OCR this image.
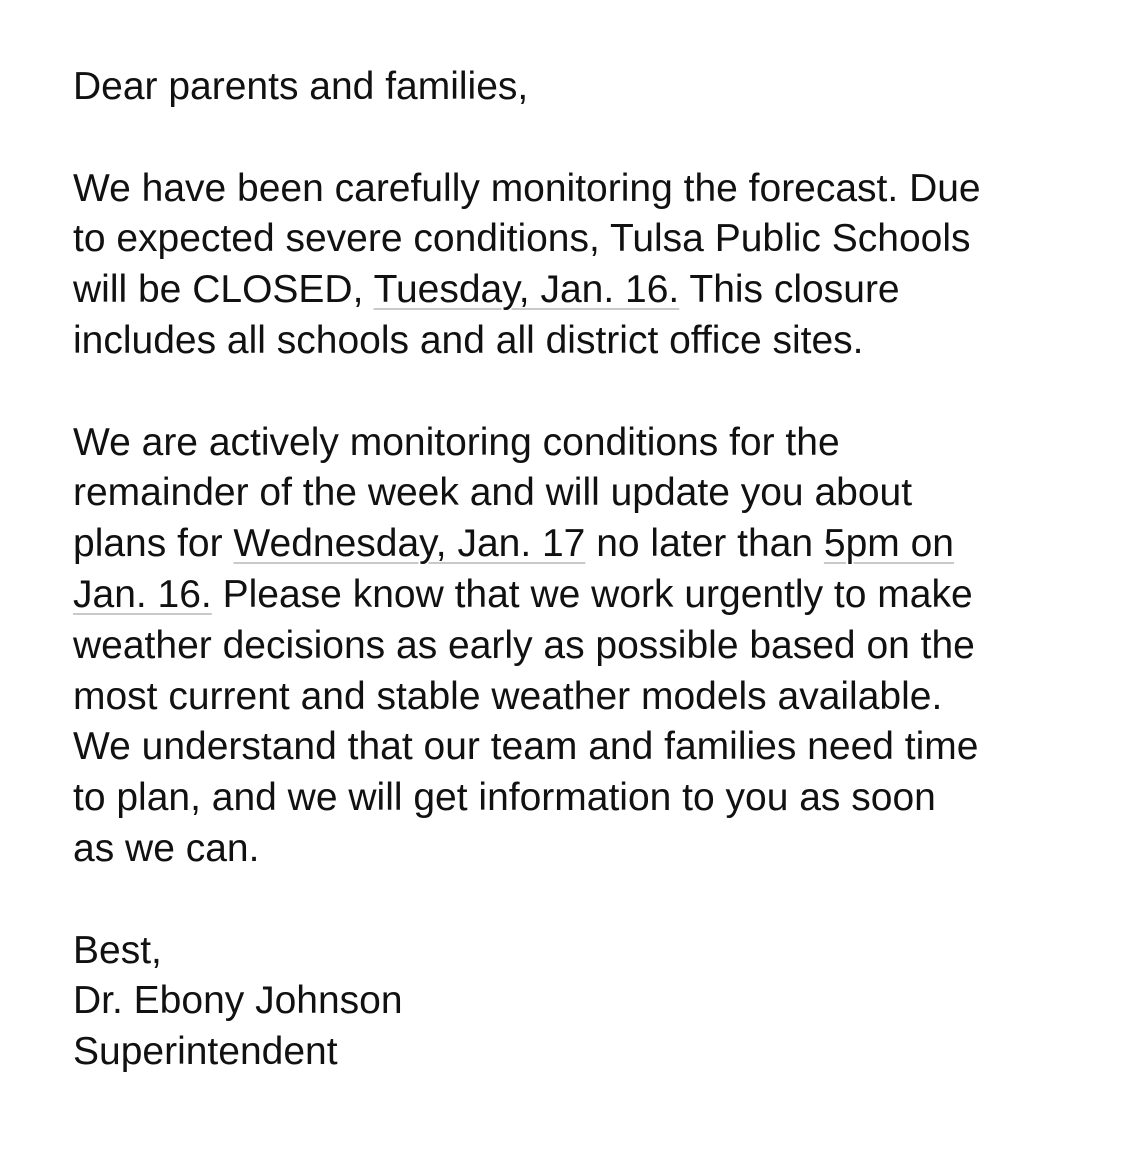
Dear parents and families,
We have been carefully monitoring the forecast. Due
to expected severe conditions, Tulsa Public Schools
will be CLOSED, Tuesday, Jan. 16. This closure
includes all schools and all district office sites.
We are actively monitoring conditions for the
remainder of the week and will update you about
plans for Wednesday, Jan. 17 no later than 5pm on
Jan. 16. Please know that we work urgently to make
weather decisions as early as possible based on the
most current and stable weather models available.
We understand that our team and families need time
to plan, and we will get information to you as soon
as we can.
Best,
Dr. Ebony Johnson
Superintendent
